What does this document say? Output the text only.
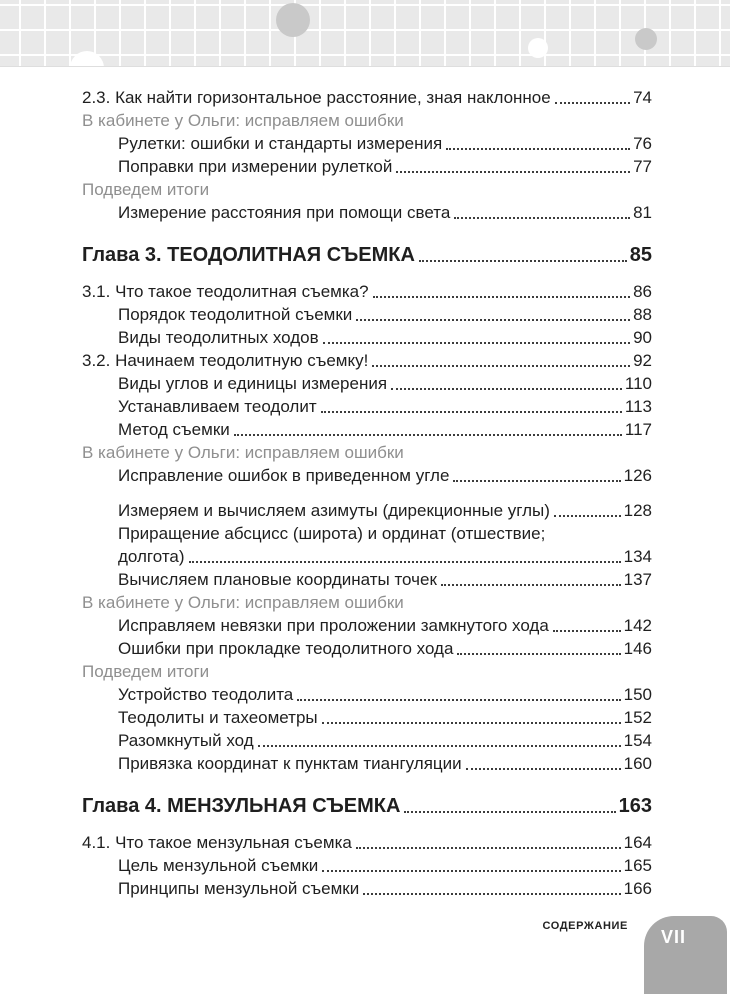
2.3. Как найти горизонтальное расстояние, зная наклонное	74
В кабинете у Ольги: исправляем ошибки
Рулетки: ошибки и стандарты измерения	76
Поправки при измерении рулеткой	77
Подведем итоги
Измерение расстояния при помощи света	81
Глава 3. ТЕОДОЛИТНАЯ СЪЕМКА	85
3.1. Что такое теодолитная съемка?	86
Порядок теодолитной съемки	88
Виды теодолитных ходов	90
3.2. Начинаем теодолитную съемку!	92
Виды углов и единицы измерения	110
Устанавливаем теодолит	113
Метод съемки	117
В кабинете у Ольги: исправляем ошибки
Исправление ошибок в приведенном угле	126
Измеряем и вычисляем азимуты (дирекционные углы)	128
Приращение абсцисс (широта) и ординат (отшествие;
долгота)	134
Вычисляем плановые координаты точек	137
В кабинете у Ольги: исправляем ошибки
Исправляем невязки при проложении замкнутого хода	142
Ошибки при прокладке теодолитного хода	146
Подведем итоги
Устройство теодолита	150
Теодолиты и тахеометры	152
Разомкнутый ход	154
Привязка координат к пунктам тиангуляции	160
Глава 4. МЕНЗУЛЬНАЯ СЪЕМКА	163
4.1. Что такое мензульная съемка	164
Цель мензульной съемки	165
Принципы мензульной съемки	166
СОДЕРЖАНИЕ
VII
